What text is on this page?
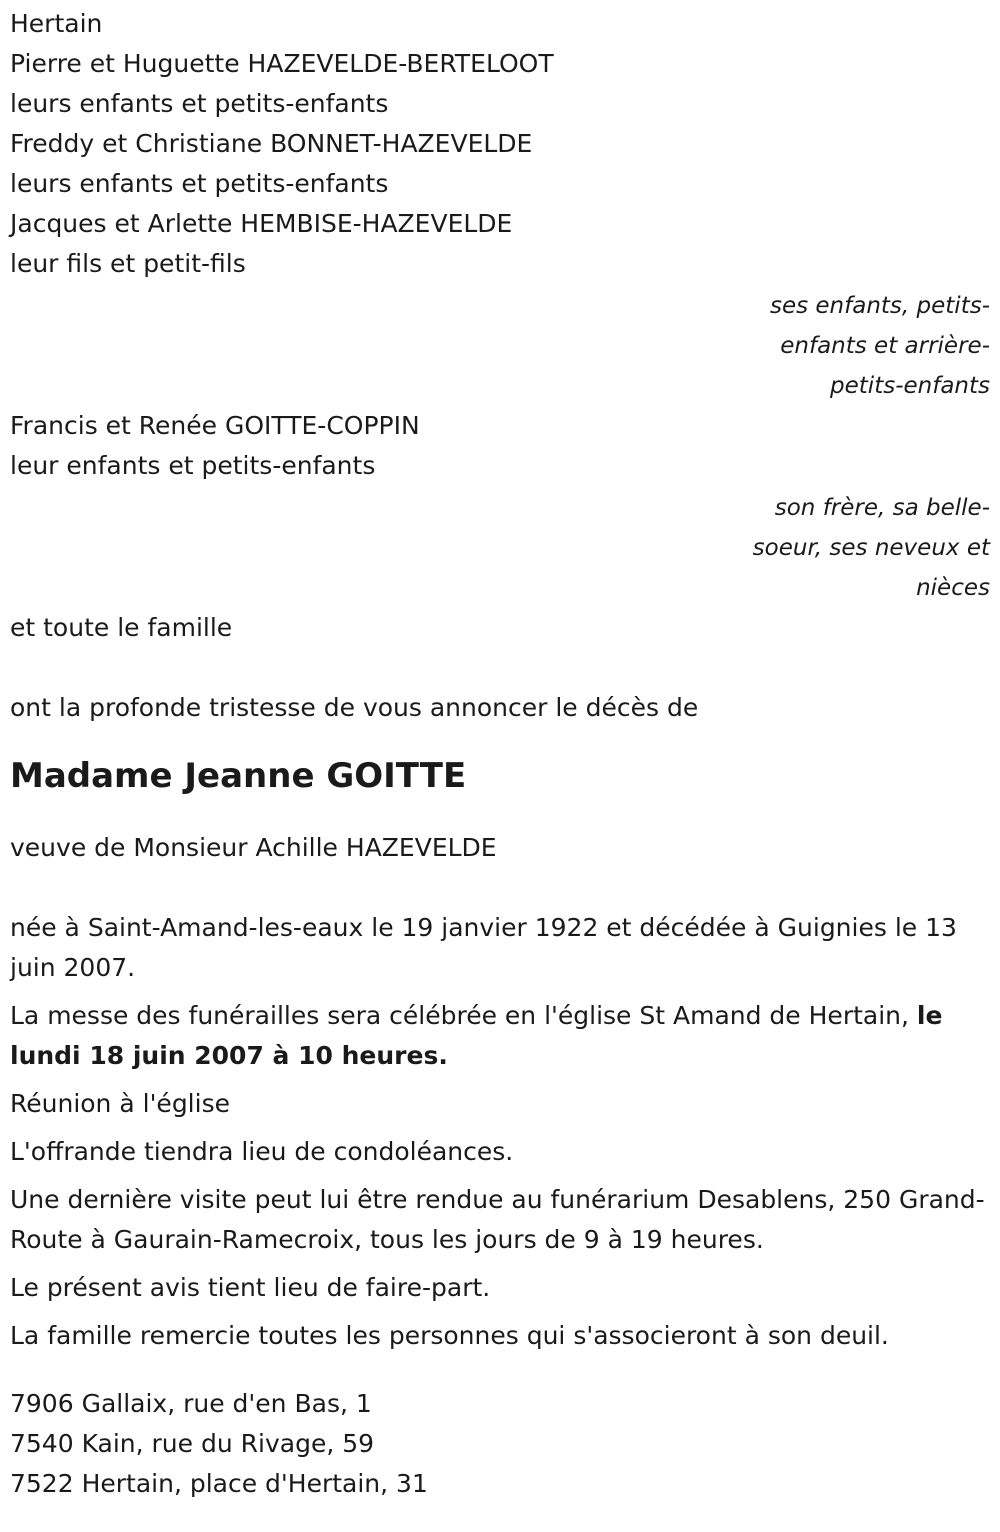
Hertain
Pierre et Huguette HAZEVELDE-BERTELOOT
leurs enfants et petits-enfants
Freddy et Christiane BONNET-HAZEVELDE
leurs enfants et petits-enfants
Jacques et Arlette HEMBISE-HAZEVELDE
leur fils et petit-fils
ses enfants, petits-
enfants et arrière-
petits-enfants
Francis et Renée GOITTE-COPPIN
leur enfants et petits-enfants
son frère, sa belle-
soeur, ses neveux et
nièces
et toute le famille
ont la profonde tristesse de vous annoncer le décès de
Madame Jeanne GOITTE
veuve de Monsieur Achille HAZEVELDE

née à Saint-Amand-les-eaux le 19 janvier 1922 et décédée à Guignies le 13 juin 2007.

La messe des funérailles sera célébrée en l'église St Amand de Hertain, le lundi 18 juin 2007 à 10 heures.

Réunion à l'église

L'offrande tiendra lieu de condoléances.

Une dernière visite peut lui être rendue au funérarium Desablens, 250 Grand-Route à Gaurain-Ramecroix, tous les jours de 9 à 19 heures.

Le présent avis tient lieu de faire-part.

La famille remercie toutes les personnes qui s'associeront à son deuil.

7906 Gallaix, rue d'en Bas, 1
7540 Kain, rue du Rivage, 59
7522 Hertain, place d'Hertain, 31
